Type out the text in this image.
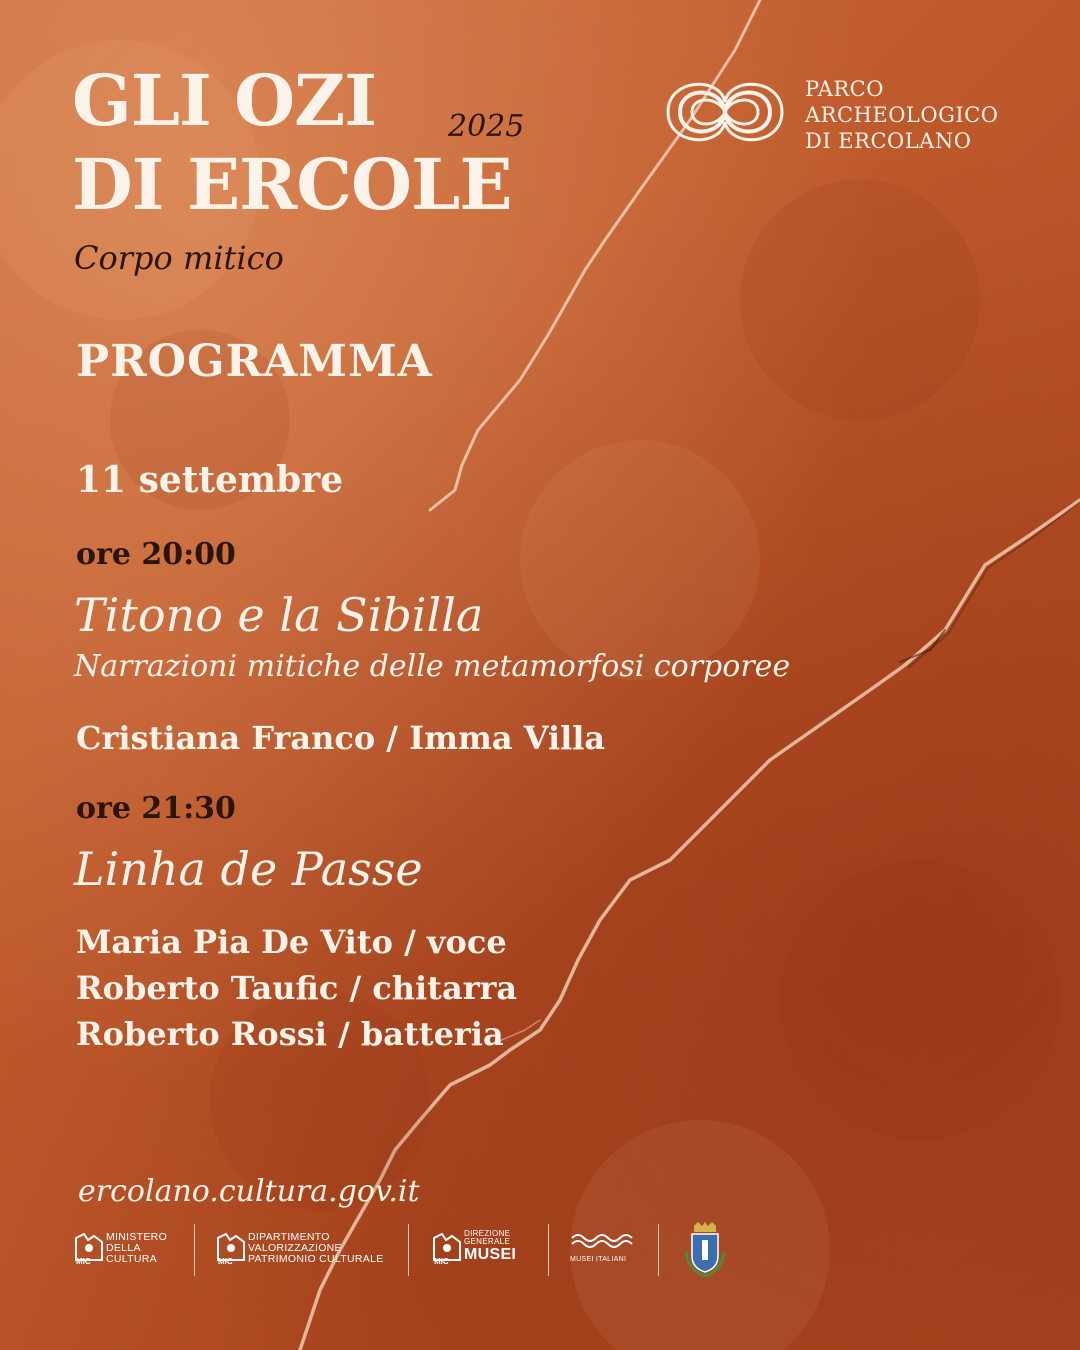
GLI OZI
DI ERCOLE
2025
Corpo mitico
PARCO
ARCHEOLOGICO
DI ERCOLANO
PROGRAMMA
11 settembre
ore 20:00
Titono e la Sibilla
Narrazioni mitiche delle metamorfosi corporee
Cristiana Franco / Imma Villa
ore 21:30
Linha de Passe
Maria Pia De Vito / voce
Roberto Taufic / chitarra
Roberto Rossi / batteria
ercolano.cultura.gov.it
MiC
MINISTERO
DELLA
CULTURA	MiC
DIPARTIMENTO
VALORIZZAZIONE
PATRIMONIO CULTURALE	MiC
DIREZIONE
GENERALE
MUSEI	MUSEI ITALIANI
